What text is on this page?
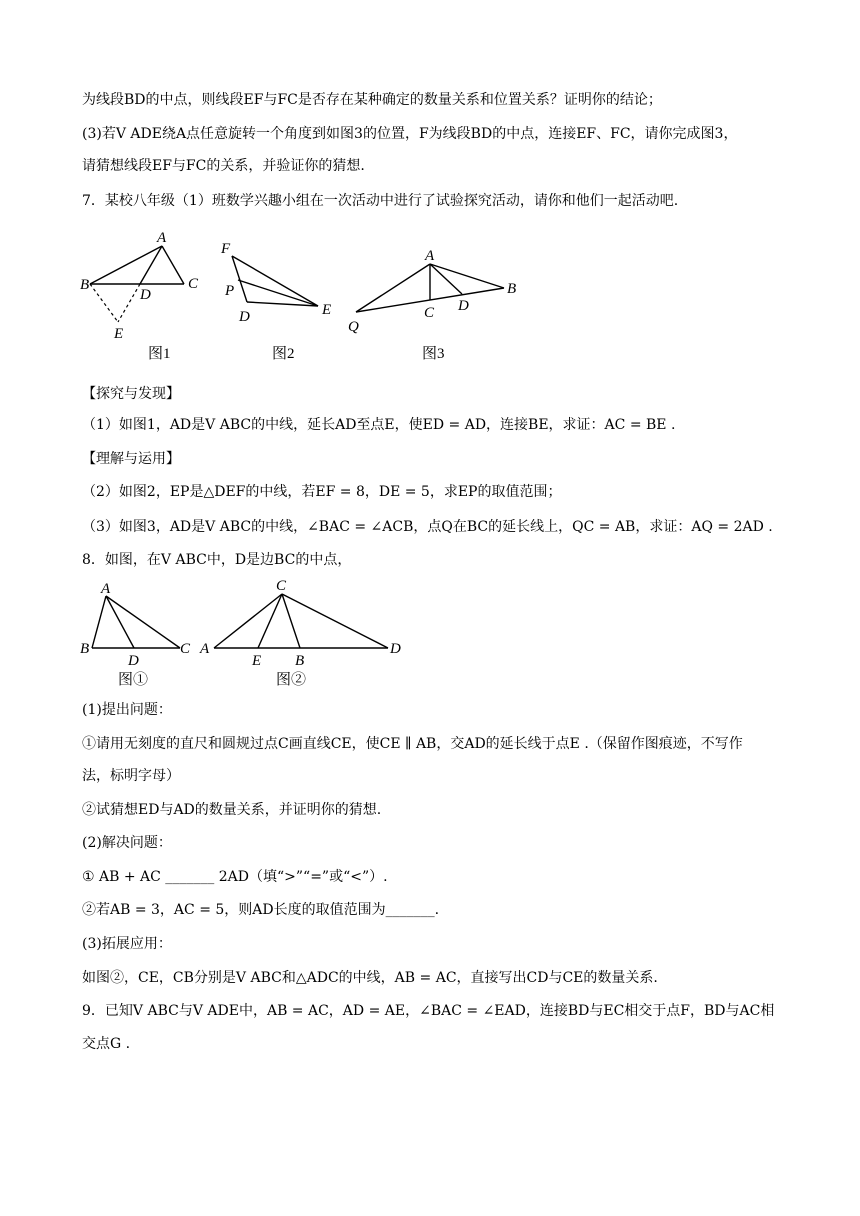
为线段BD的中点，则线段EF与FC是否存在某种确定的数量关系和位置关系？证明你的结论；
(3)若V ADE绕A点任意旋转一个角度到如图3的位置，F为线段BD的中点，连接EF、FC，请你完成图3，
请猜想线段EF与FC的关系，并验证你的猜想.
7．某校八年级（1）班数学兴趣小组在一次活动中进行了试验探究活动，请你和他们一起活动吧.
A
B	C
D
E
图1
F
P
D	E
图2
A
B
C D
Q
图3
【探究与发现】
（1）如图1，AD是V ABC的中线，延长AD至点E，使ED = AD，连接BE，求证：AC = BE .
【理解与运用】
（2）如图2，EP是△DEF的中线，若EF = 8，DE = 5，求EP的取值范围；
（3）如图3，AD是V ABC的中线，∠BAC = ∠ACB，点Q在BC的延长线上，QC = AB，求证：AQ = 2AD .
8．如图，在V ABC中，D是边BC的中点，
A
B	C
D
图①
C
A
E B
D
图②
(1)提出问题：
①请用无刻度的直尺和圆规过点C画直线CE，使CE ∥ AB，交AD的延长线于点E .（保留作图痕迹，不写作
法，标明字母）
②试猜想ED与AD的数量关系，并证明你的猜想.
(2)解决问题：
① AB + AC _______ 2AD（填“>”“=”或“<”）.
②若AB = 3，AC = 5，则AD长度的取值范围为_______.
(3)拓展应用：
如图②，CE，CB分别是V ABC和△ADC的中线，AB = AC，直接写出CD与CE的数量关系.
9．已知V ABC与V ADE中，AB = AC，AD = AE，∠BAC = ∠EAD，连接BD与EC相交于点F，BD与AC相
交点G .
